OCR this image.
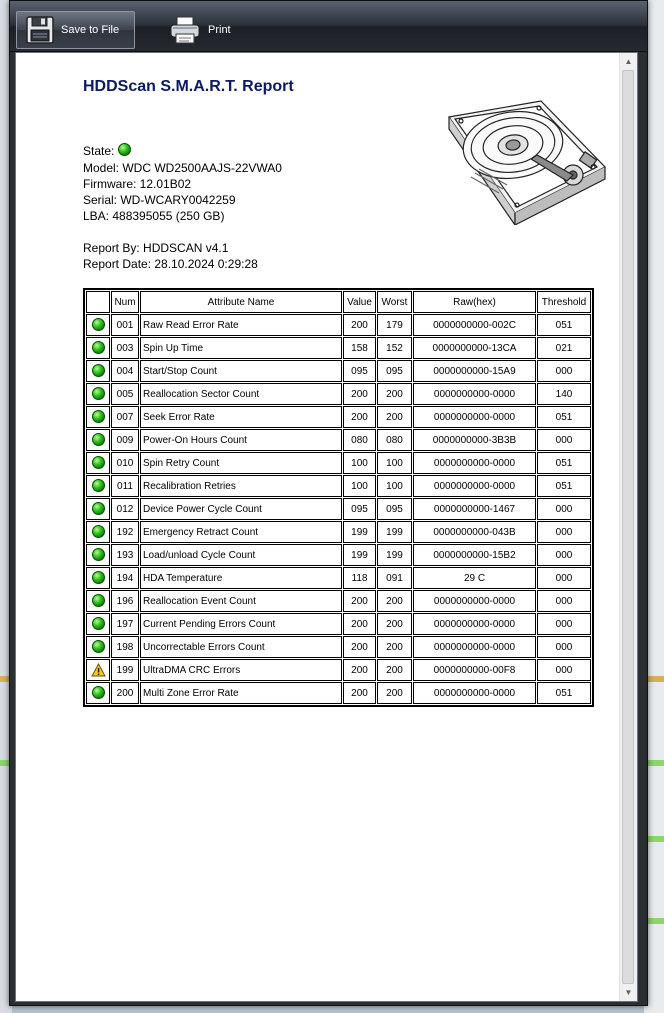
Save to File	Print
HDDScan S.M.A.R.T. Report
State:
Model: WDC WD2500AAJS-22VWA0
Firmware: 12.01B02
Serial: WD-WCARY0042259
LBA: 488395055 (250 GB)
Report By: HDDSCAN v4.1
Report Date: 28.10.2024 0:29:28
	Num	Attribute Name	Value	Worst	Raw(hex)	Threshold
	001	Raw Read Error Rate	200	179	0000000000-002C	051
	003	Spin Up Time	158	152	0000000000-13CA	021
	004	Start/Stop Count	095	095	0000000000-15A9	000
	005	Reallocation Sector Count	200	200	0000000000-0000	140
	007	Seek Error Rate	200	200	0000000000-0000	051
	009	Power-On Hours Count	080	080	0000000000-3B3B	000
	010	Spin Retry Count	100	100	0000000000-0000	051
	011	Recalibration Retries	100	100	0000000000-0000	051
	012	Device Power Cycle Count	095	095	0000000000-1467	000
	192	Emergency Retract Count	199	199	0000000000-043B	000
	193	Load/unload Cycle Count	199	199	0000000000-15B2	000
	194	HDA Temperature	118	091	29 C	000
	196	Reallocation Event Count	200	200	0000000000-0000	000
	197	Current Pending Errors Count	200	200	0000000000-0000	000
	198	Uncorrectable Errors Count	200	200	0000000000-0000	000
	199	UltraDMA CRC Errors	200	200	0000000000-00F8	000
	200	Multi Zone Error Rate	200	200	0000000000-0000	051
▲
▼
